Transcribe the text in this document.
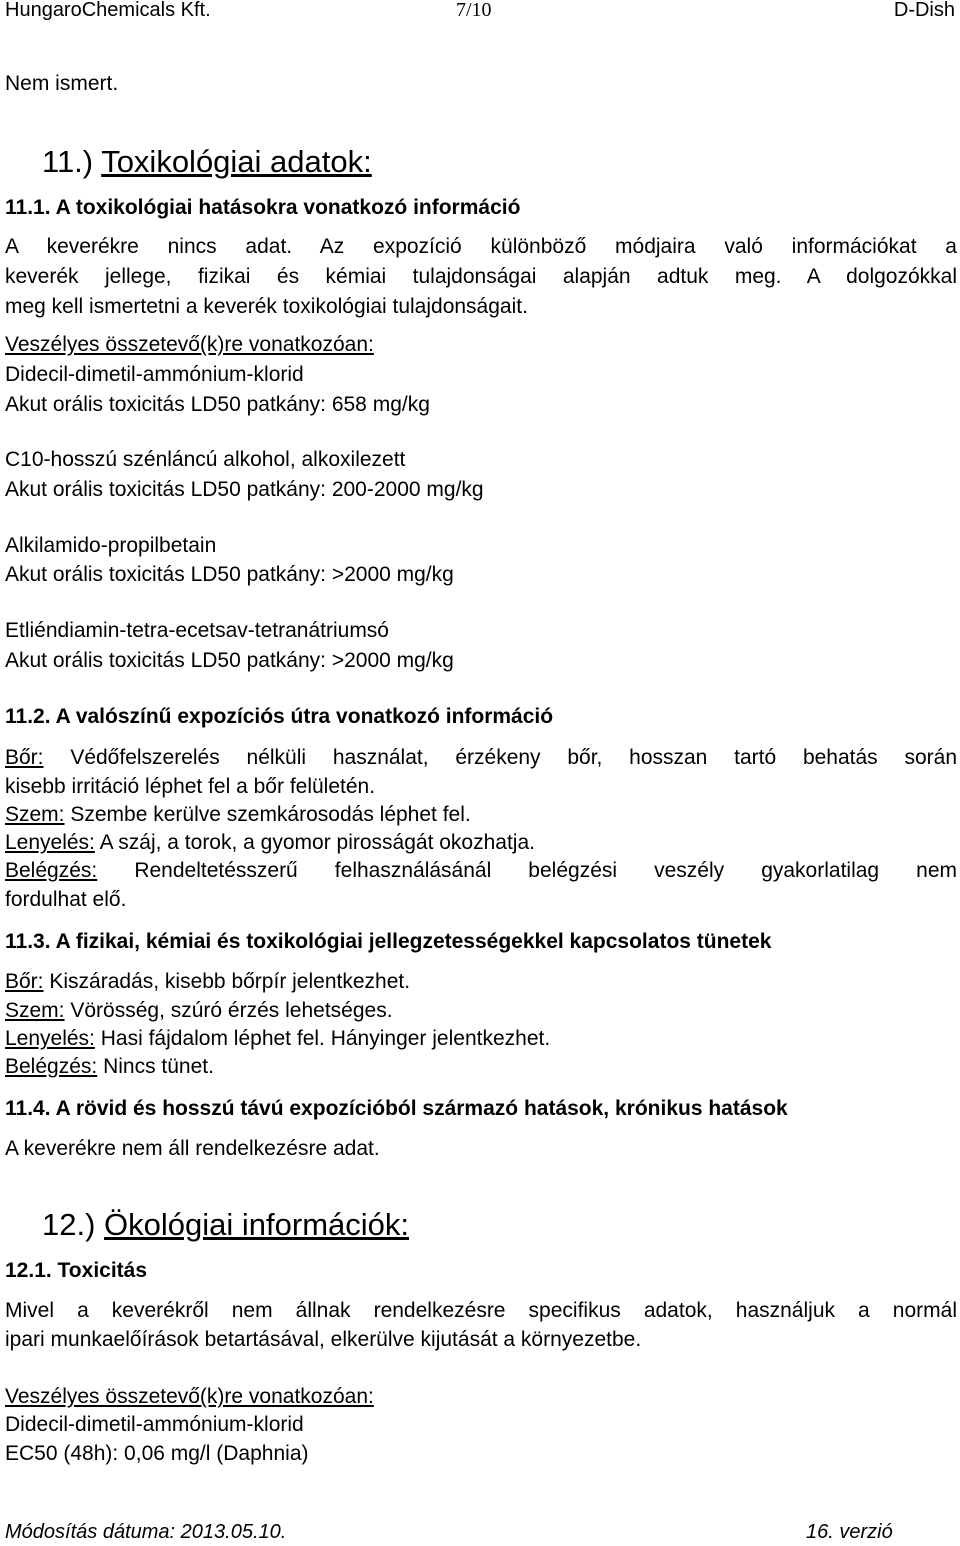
HungaroChemicals Kft.	7/10	D-Dish
Nem ismert.
11.) Toxikológiai adatok:
11.1. A toxikológiai hatásokra vonatkozó információ
A keverékre nincs adat. Az expozíció különböző módjaira való információkat a
keverék jellege, fizikai és kémiai tulajdonságai alapján adtuk meg. A dolgozókkal
meg kell ismertetni a keverék toxikológiai tulajdonságait.
Veszélyes összetevő(k)re vonatkozóan:
Didecil-dimetil-ammónium-klorid
Akut orális toxicitás LD50 patkány: 658 mg/kg
C10-hosszú szénláncú alkohol, alkoxilezett
Akut orális toxicitás LD50 patkány: 200-2000 mg/kg
Alkilamido-propilbetain
Akut orális toxicitás LD50 patkány: >2000 mg/kg
Etliéndiamin-tetra-ecetsav-tetranátriumsó
Akut orális toxicitás LD50 patkány: >2000 mg/kg
11.2. A valószínű expozíciós útra vonatkozó információ
Bőr: Védőfelszerelés nélküli használat, érzékeny bőr, hosszan tartó behatás során
kisebb irritáció léphet fel a bőr felületén.
Szem: Szembe kerülve szemkárosodás léphet fel.
Lenyelés: A száj, a torok, a gyomor pirosságát okozhatja.
Belégzés: Rendeltetésszerű felhasználásánál belégzési veszély gyakorlatilag nem
fordulhat elő.
11.3. A fizikai, kémiai és toxikológiai jellegzetességekkel kapcsolatos tünetek
Bőr: Kiszáradás, kisebb bőrpír jelentkezhet.
Szem: Vörösség, szúró érzés lehetséges.
Lenyelés: Hasi fájdalom léphet fel. Hányinger jelentkezhet.
Belégzés: Nincs tünet.
11.4. A rövid és hosszú távú expozícióból származó hatások, krónikus hatások
A keverékre nem áll rendelkezésre adat.
12.) Ökológiai információk:
12.1. Toxicitás
Mivel a keverékről nem állnak rendelkezésre specifikus adatok, használjuk a normál
ipari munkaelőírások betartásával, elkerülve kijutását a környezetbe.
Veszélyes összetevő(k)re vonatkozóan:
Didecil-dimetil-ammónium-klorid
EC50 (48h): 0,06 mg/l (Daphnia)
Módosítás dátuma: 2013.05.10.	16. verzió
